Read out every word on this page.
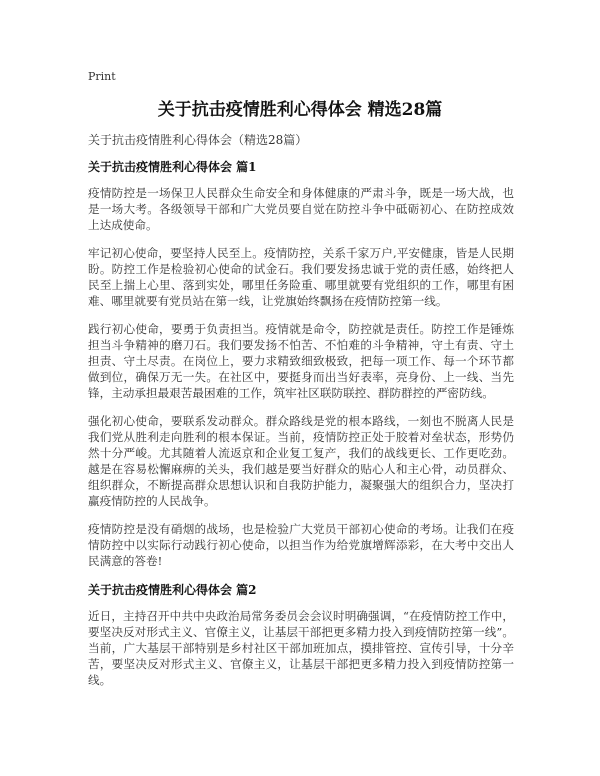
Print
关于抗击疫情胜利心得体会 精选28篇
关于抗击疫情胜利心得体会（精选28篇）
关于抗击疫情胜利心得体会 篇1

疫情防控是一场保卫人民群众生命安全和身体健康的严肃斗争，既是一场大战，也是一场大考。各级领导干部和广大党员要自觉在防控斗争中砥砺初心、在防控成效上达成使命。

牢记初心使命，要坚持人民至上。疫情防控，关系千家万户,平安健康，皆是人民期盼。防控工作是检验初心使命的试金石。我们要发扬忠诚于党的责任感，始终把人民至上揣上心里、落到实处，哪里任务险重、哪里就要有党组织的工作，哪里有困难、哪里就要有党员站在第一线，让党旗始终飘扬在疫情防控第一线。

践行初心使命，要勇于负责担当。疫情就是命令，防控就是责任。防控工作是锤炼担当斗争精神的磨刀石。我们要发扬不怕苦、不怕难的斗争精神，守土有责、守土担责、守土尽责。在岗位上，要力求精致细致极致，把每一项工作、每一个环节都做到位，确保万无一失。在社区中，要挺身而出当好表率，亮身份、上一线、当先锋，主动承担最艰苦最困难的工作，筑牢社区联防联控、群防群控的严密防线。

强化初心使命，要联系发动群众。群众路线是党的根本路线，一刻也不脱离人民是我们党从胜利走向胜利的根本保证。当前，疫情防控正处于胶着对垒状态，形势仍然十分严峻。尤其随着人流返京和企业复工复产，我们的战线更长、工作更吃劲。越是在容易松懈麻痹的关头，我们越是要当好群众的贴心人和主心骨，动员群众、组织群众，不断提高群众思想认识和自我防护能力，凝聚强大的组织合力，坚决打赢疫情防控的人民战争。

疫情防控是没有硝烟的战场，也是检验广大党员干部初心使命的考场。让我们在疫情防控中以实际行动践行初心使命，以担当作为给党旗增辉添彩，在大考中交出人民满意的答卷!

关于抗击疫情胜利心得体会 篇2

近日，主持召开中共中央政治局常务委员会会议时明确强调，“在疫情防控工作中，要坚决反对形式主义、官僚主义，让基层干部把更多精力投入到疫情防控第一线”。当前，广大基层干部特别是乡村社区干部加班加点，摸排管控、宣传引导，十分辛苦，要坚决反对形式主义、官僚主义，让基层干部把更多精力投入到疫情防控第一线。
